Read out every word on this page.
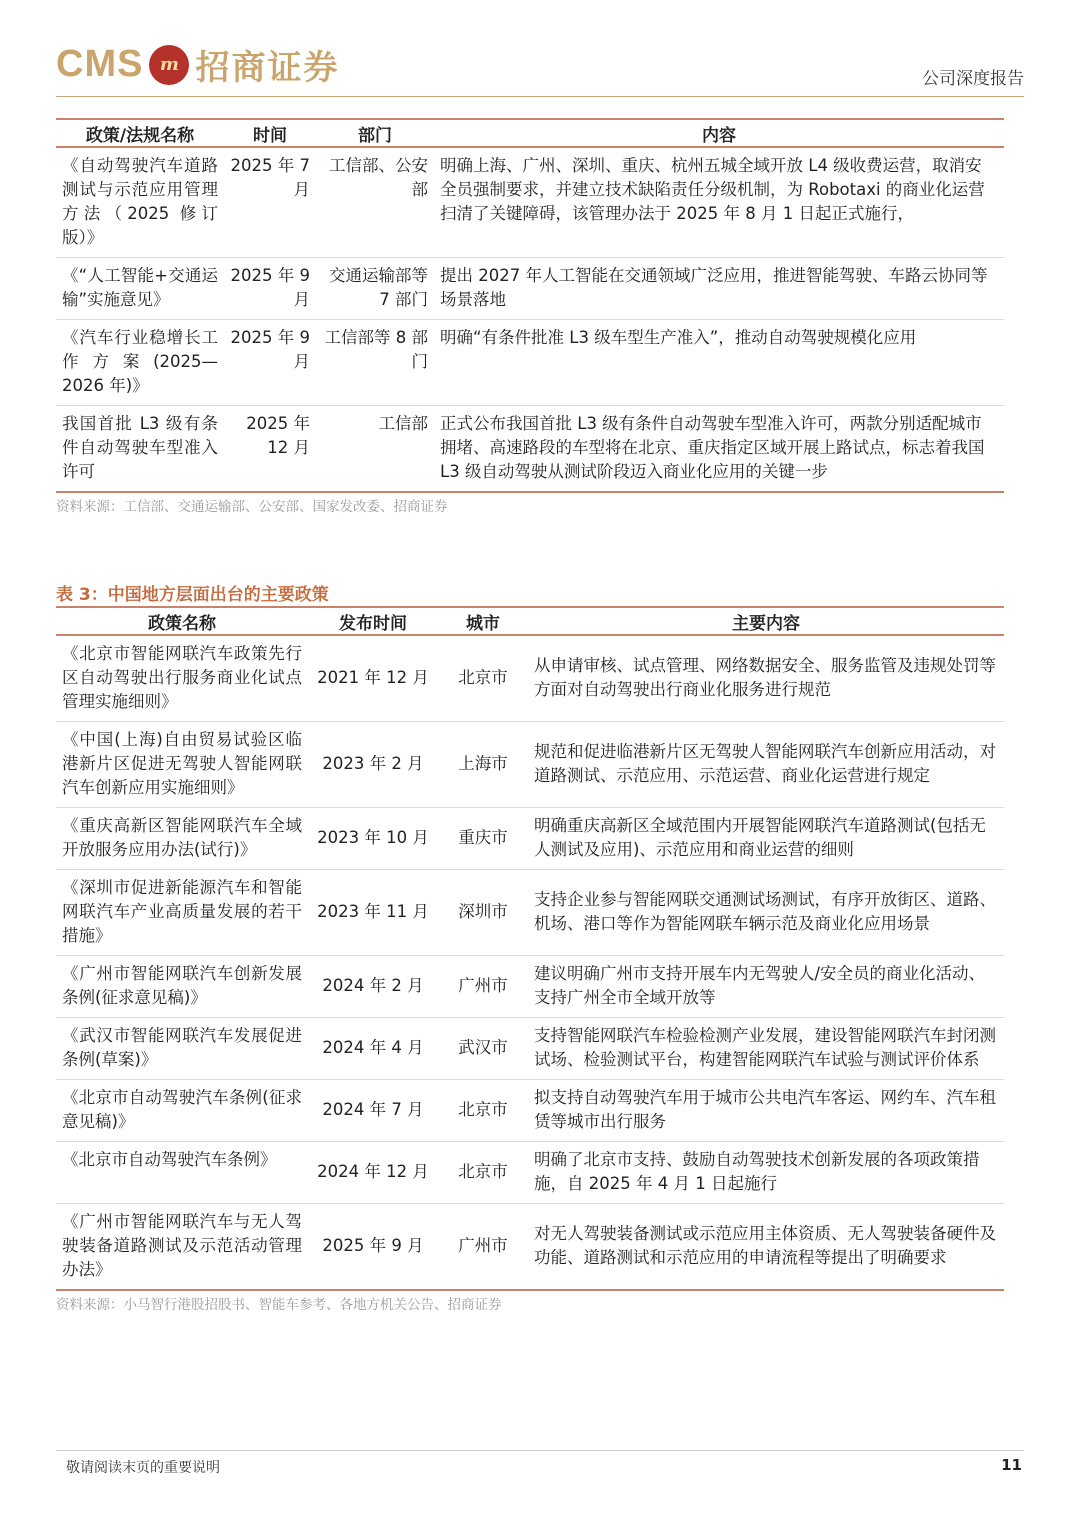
CMS m 招商证券	公司深度报告
政策/法规名称	时间	部门	内容
《自动驾驶汽车道路测试与示范应用管理方法（2025 修订版）》	2025 年 7 月	工信部、公安部	明确上海、广州、深圳、重庆、杭州五城全域开放 L4 级收费运营，取消安全员强制要求，并建立技术缺陷责任分级机制，为 Robotaxi 的商业化运营扫清了关键障碍，该管理办法于 2025 年 8 月 1 日起正式施行，
《“人工智能+交通运输”实施意见》	2025 年 9 月	交通运输部等 7 部门	提出 2027 年人工智能在交通领域广泛应用，推进智能驾驶、车路云协同等场景落地
《汽车行业稳增长工作方案(2025—2026 年)》	2025 年 9 月	工信部等 8 部门	明确“有条件批准 L3 级车型生产准入”，推动自动驾驶规模化应用
我国首批 L3 级有条件自动驾驶车型准入许可	2025 年 12 月	工信部	正式公布我国首批 L3 级有条件自动驾驶车型准入许可，两款分别适配城市拥堵、高速路段的车型将在北京、重庆指定区域开展上路试点，标志着我国 L3 级自动驾驶从测试阶段迈入商业化应用的关键一步
资料来源：工信部、交通运输部、公安部、国家发改委、招商证券
表 3：中国地方层面出台的主要政策
政策名称	发布时间	城市	主要内容
《北京市智能网联汽车政策先行区自动驾驶出行服务商业化试点管理实施细则》	2021 年 12 月	北京市	从申请审核、试点管理、网络数据安全、服务监管及违规处罚等方面对自动驾驶出行商业化服务进行规范
《中国(上海)自由贸易试验区临港新片区促进无驾驶人智能网联汽车创新应用实施细则》	2023 年 2 月	上海市	规范和促进临港新片区无驾驶人智能网联汽车创新应用活动，对道路测试、示范应用、示范运营、商业化运营进行规定
《重庆高新区智能网联汽车全域开放服务应用办法(试行)》	2023 年 10 月	重庆市	明确重庆高新区全域范围内开展智能网联汽车道路测试(包括无人测试及应用)、示范应用和商业运营的细则
《深圳市促进新能源汽车和智能网联汽车产业高质量发展的若干措施》	2023 年 11 月	深圳市	支持企业参与智能网联交通测试场测试，有序开放街区、道路、机场、港口等作为智能网联车辆示范及商业化应用场景
《广州市智能网联汽车创新发展条例(征求意见稿)》	2024 年 2 月	广州市	建议明确广州市支持开展车内无驾驶人/安全员的商业化活动、支持广州全市全域开放等
《武汉市智能网联汽车发展促进条例(草案)》	2024 年 4 月	武汉市	支持智能网联汽车检验检测产业发展，建设智能网联汽车封闭测试场、检验测试平台，构建智能网联汽车试验与测试评价体系
《北京市自动驾驶汽车条例(征求意见稿)》	2024 年 7 月	北京市	拟支持自动驾驶汽车用于城市公共电汽车客运、网约车、汽车租赁等城市出行服务
《北京市自动驾驶汽车条例》	2024 年 12 月	北京市	明确了北京市支持、鼓励自动驾驶技术创新发展的各项政策措施，自 2025 年 4 月 1 日起施行
《广州市智能网联汽车与无人驾驶装备道路测试及示范活动管理办法》	2025 年 9 月	广州市	对无人驾驶装备测试或示范应用主体资质、无人驾驶装备硬件及功能、道路测试和示范应用的申请流程等提出了明确要求
资料来源：小马智行港股招股书、智能车参考、各地方机关公告、招商证券
敬请阅读末页的重要说明	11
